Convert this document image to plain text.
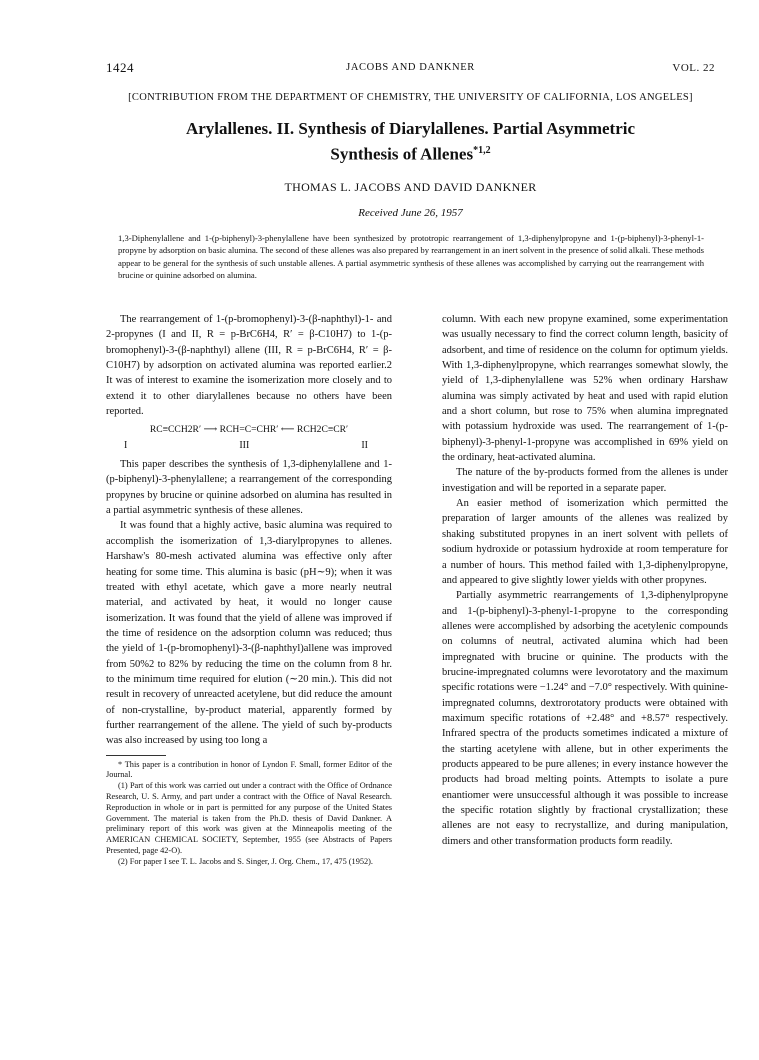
1424	JACOBS AND DANKNER	VOL. 22
[CONTRIBUTION FROM THE DEPARTMENT OF CHEMISTRY, THE UNIVERSITY OF CALIFORNIA, LOS ANGELES]
Arylallenes. II. Synthesis of Diarylallenes. Partial Asymmetric
Synthesis of Allenes$^{*1,2}$
THOMAS L. JACOBS AND DAVID DANKNER
Received June 26, 1957
1,3-Diphenylallene and 1-(p-biphenyl)-3-phenylallene have been synthesized by prototropic rearrangement of 1,3-diphenylpropyne and 1-(p-biphenyl)-3-phenyl-1-propyne by adsorption on basic alumina. The second of these allenes was also prepared by rearrangement in an inert solvent in the presence of solid alkali. These methods appear to be general for the synthesis of such unstable allenes. A partial asymmetric synthesis of these allenes was accomplished by carrying out the rearrangement with brucine or quinine adsorbed on alumina.

The rearrangement of 1-(p-bromophenyl)-3-(β-naphthyl)-1- and 2-propynes (I and II, R = p-BrC6H4, R′ = β-C10H7) to 1-(p-bromophenyl)-3-(β-naphthyl) allene (III, R = p-BrC6H4, R′ = β-C10H7) by adsorption on activated alumina was reported earlier.2 It was of interest to examine the isomerization more closely and to extend it to other diarylallenes because no others have been reported.

RC≡CCH2R′ ⟶ RCH=C=CHR′ ⟵ RCH2C≡CR′
I	III	II

This paper describes the synthesis of 1,3-diphenylallene and 1-(p-biphenyl)-3-phenylallene; a rearrangement of the corresponding propynes by brucine or quinine adsorbed on alumina has resulted in a partial asymmetric synthesis of these allenes.

It was found that a highly active, basic alumina was required to accomplish the isomerization of 1,3-diarylpropynes to allenes. Harshaw's 80-mesh activated alumina was effective only after heating for some time. This alumina is basic (pH∼9); when it was treated with ethyl acetate, which gave a more nearly neutral material, and activated by heat, it would no longer cause isomerization. It was found that the yield of allene was improved if the time of residence on the adsorption column was reduced; thus the yield of 1-(p-bromophenyl)-3-(β-naphthyl)allene was improved from 50%2 to 82% by reducing the time on the column from 8 hr. to the minimum time required for elution (∼20 min.). This did not result in recovery of unreacted acetylene, but did reduce the amount of non-crystalline, by-product material, apparently formed by further rearrangement of the allene. The yield of such by-products was also increased by using too long a

* This paper is a contribution in honor of Lyndon F. Small, former Editor of the Journal.

(1) Part of this work was carried out under a contract with the Office of Ordnance Research, U. S. Army, and part under a contract with the Office of Naval Research. Reproduction in whole or in part is permitted for any purpose of the United States Government. The material is taken from the Ph.D. thesis of David Dankner. A preliminary report of this work was given at the Minneapolis meeting of the AMERICAN CHEMICAL SOCIETY, September, 1955 (see Abstracts of Papers Presented, page 42-O).

(2) For paper I see T. L. Jacobs and S. Singer, J. Org. Chem., 17, 475 (1952).

column. With each new propyne examined, some experimentation was usually necessary to find the correct column length, basicity of adsorbent, and time of residence on the column for optimum yields. With 1,3-diphenylpropyne, which rearranges somewhat slowly, the yield of 1,3-diphenylallene was 52% when ordinary Harshaw alumina was simply activated by heat and used with rapid elution and a short column, but rose to 75% when alumina impregnated with potassium hydroxide was used. The rearrangement of 1-(p-biphenyl)-3-phenyl-1-propyne was accomplished in 69% yield on the ordinary, heat-activated alumina.

The nature of the by-products formed from the allenes is under investigation and will be reported in a separate paper.

An easier method of isomerization which permitted the preparation of larger amounts of the allenes was realized by shaking substituted propynes in an inert solvent with pellets of sodium hydroxide or potassium hydroxide at room temperature for a number of hours. This method failed with 1,3-diphenylpropyne, and appeared to give slightly lower yields with other propynes.

Partially asymmetric rearrangements of 1,3-diphenylpropyne and 1-(p-biphenyl)-3-phenyl-1-propyne to the corresponding allenes were accomplished by adsorbing the acetylenic compounds on columns of neutral, activated alumina which had been impregnated with brucine or quinine. The products with the brucine-impregnated columns were levorotatory and the maximum specific rotations were −1.24° and −7.0° respectively. With quinine-impregnated columns, dextrorotatory products were obtained with maximum specific rotations of +2.48° and +8.57° respectively. Infrared spectra of the products sometimes indicated a mixture of the starting acetylene with allene, but in other experiments the products appeared to be pure allenes; in every instance however the products had broad melting points. Attempts to isolate a pure enantiomer were unsuccessful although it was possible to increase the specific rotation slightly by fractional crystallization; these allenes are not easy to recrystallize, and during manipulation, dimers and other transformation products form readily.
